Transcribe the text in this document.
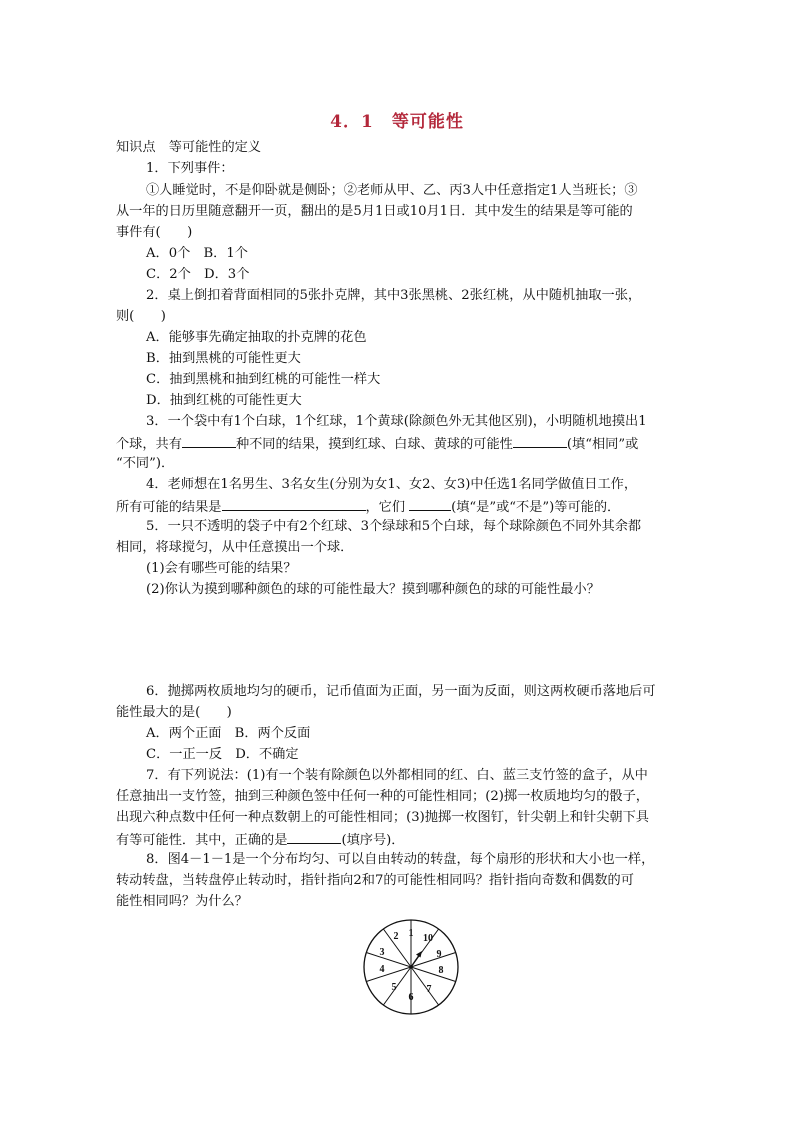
4．1　等可能性
知识点　等可能性的定义
1．下列事件：
①人睡觉时，不是仰卧就是侧卧；②老师从甲、乙、丙3人中任意指定1人当班长；③
从一年的日历里随意翻开一页，翻出的是5月1日或10月1日．其中发生的结果是等可能的
事件有(　　)
A．0个　B．1个
C．2个　D．3个
2．桌上倒扣着背面相同的5张扑克牌，其中3张黑桃、2张红桃，从中随机抽取一张，
则(　　)
A．能够事先确定抽取的扑克牌的花色
B．抽到黑桃的可能性更大
C．抽到黑桃和抽到红桃的可能性一样大
D．抽到红桃的可能性更大
3．一个袋中有1个白球，1个红球，1个黄球(除颜色外无其他区别)，小明随机地摸出1
个球，共有	种不同的结果，摸到红球、白球、黄球的可能性	(填“相同”或
“不同”)．
4．老师想在1名男生、3名女生(分别为女1、女2、女3)中任选1名同学做值日工作，
所有可能的结果是	，它们	(填“是”或“不是”)等可能的．
5．一只不透明的袋子中有2个红球、3个绿球和5个白球，每个球除颜色不同外其余都
相同，将球搅匀，从中任意摸出一个球．
(1)会有哪些可能的结果？
(2)你认为摸到哪种颜色的球的可能性最大？摸到哪种颜色的球的可能性最小？
6．抛掷两枚质地均匀的硬币，记币值面为正面，另一面为反面，则这两枚硬币落地后可
能性最大的是(　　)
A．两个正面　B．两个反面
C．一正一反　D．不确定
7．有下列说法：(1)有一个装有除颜色以外都相同的红、白、蓝三支竹签的盒子，从中
任意抽出一支竹签，抽到三种颜色签中任何一种的可能性相同；(2)掷一枚质地均匀的骰子，
出现六种点数中任何一种点数朝上的可能性相同；(3)抛掷一枚图钉，针尖朝上和针尖朝下具
有等可能性．其中，正确的是	(填序号)．
8．图4－1－1是一个分布均匀、可以自由转动的转盘，每个扇形的形状和大小也一样，
转动转盘，当转盘停止转动时，指针指向2和7的可能性相同吗？指针指向奇数和偶数的可
能性相同吗？为什么？
1
2
3
4
5
6
7
8
9
10
